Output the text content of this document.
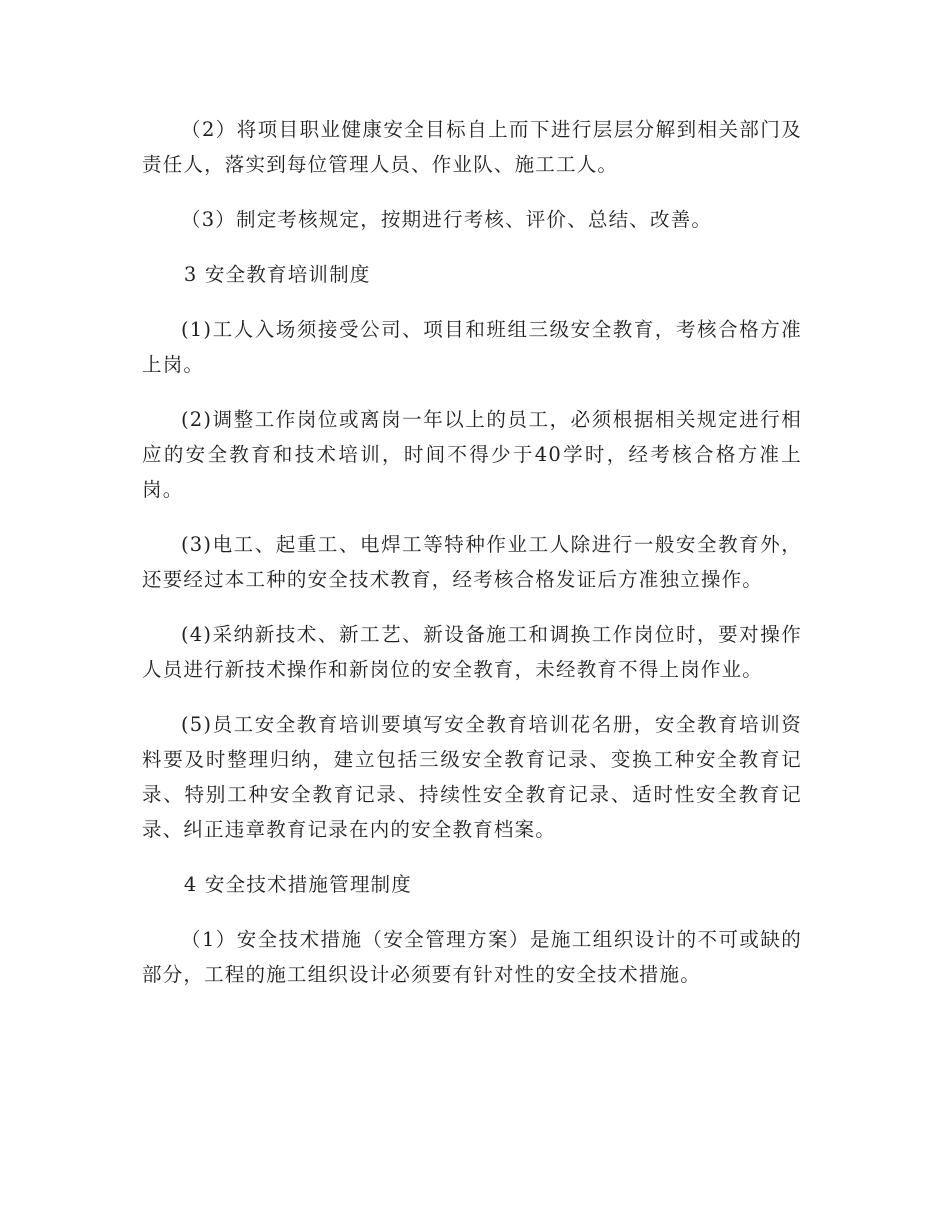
（2）将项目职业健康安全目标自上而下进行层层分解到相关部门及责任人，落实到每位管理人员、作业队、施工工人。

（3）制定考核规定，按期进行考核、评价、总结、改善。

3 安全教育培训制度

(1)工人入场须接受公司、项目和班组三级安全教育，考核合格方准上岗。

(2)调整工作岗位或离岗一年以上的员工，必须根据相关规定进行相应的安全教育和技术培训，时间不得少于40学时，经考核合格方准上岗。

(3)电工、起重工、电焊工等特种作业工人除进行一般安全教育外，还要经过本工种的安全技术教育，经考核合格发证后方准独立操作。

(4)采纳新技术、新工艺、新设备施工和调换工作岗位时，要对操作人员进行新技术操作和新岗位的安全教育，未经教育不得上岗作业。

(5)员工安全教育培训要填写安全教育培训花名册，安全教育培训资料要及时整理归纳，建立包括三级安全教育记录、变换工种安全教育记录、特别工种安全教育记录、持续性安全教育记录、适时性安全教育记录、纠正违章教育记录在内的安全教育档案。

4 安全技术措施管理制度

（1）安全技术措施（安全管理方案）是施工组织设计的不可或缺的部分，工程的施工组织设计必须要有针对性的安全技术措施。
